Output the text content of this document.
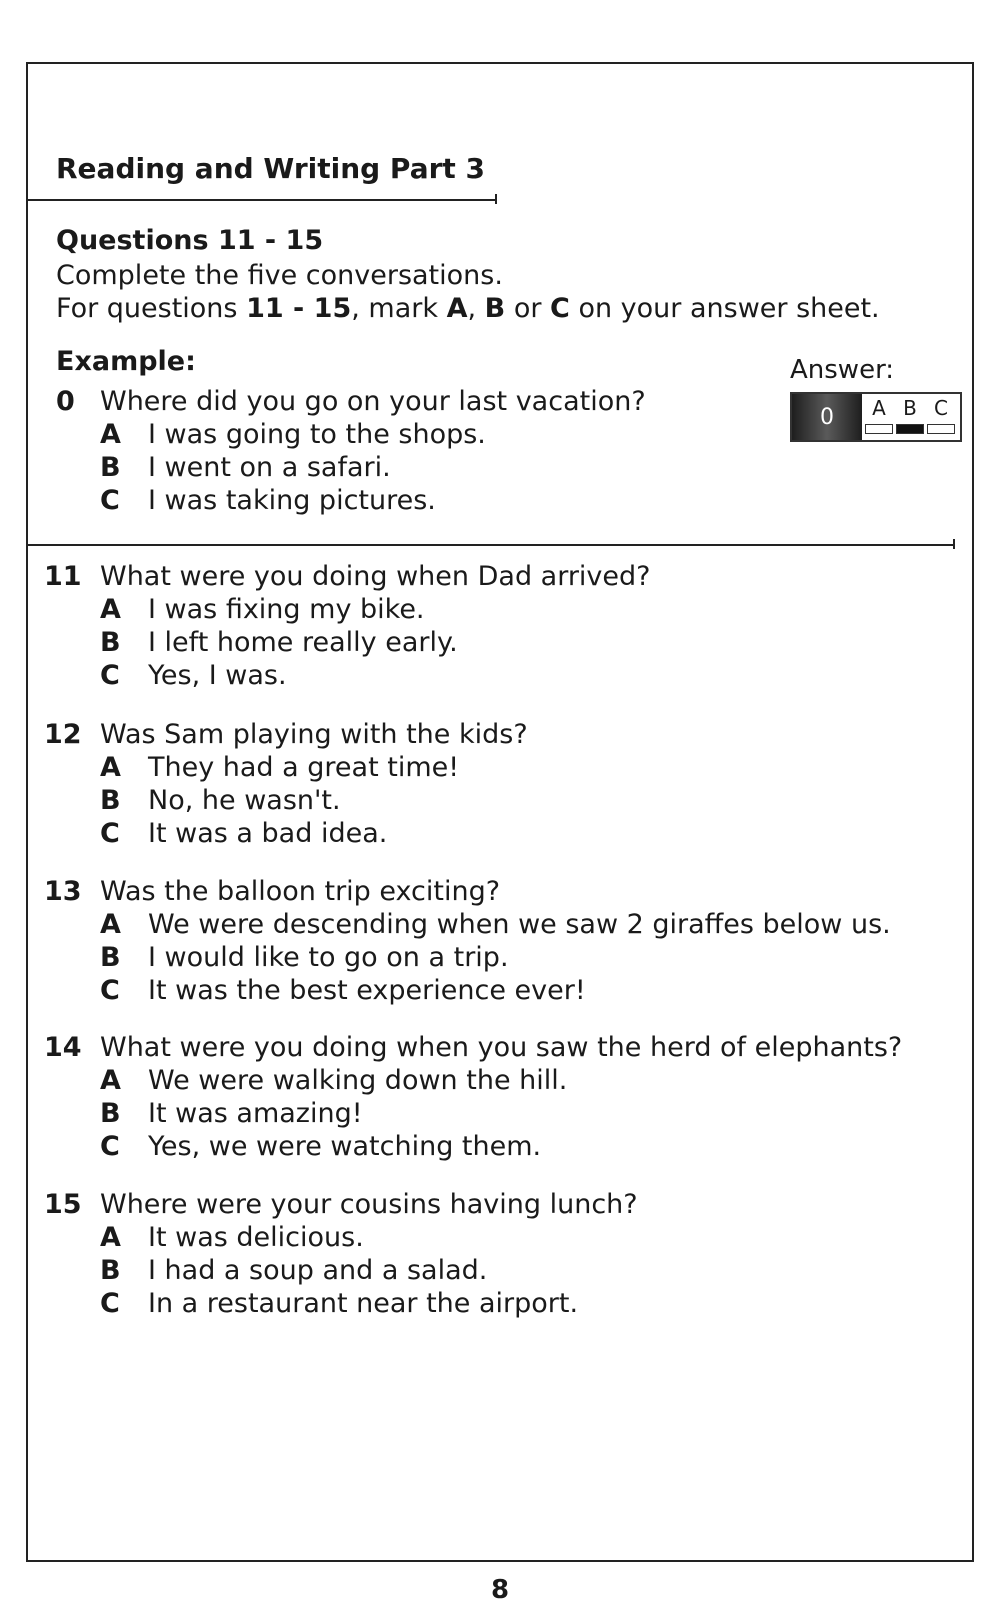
Reading and Writing Part 3
Questions 11 - 15
Complete the five conversations.
For questions 11 - 15, mark A, B or C on your answer sheet.
Example:
0 Where did you go on your last vacation?
A I was going to the shops.
B I went on a safari.
C I was taking pictures.
Answer:
0	A B C
11 What were you doing when Dad arrived?
A I was fixing my bike.
B I left home really early.
C Yes, I was.
12 Was Sam playing with the kids?
A They had a great time!
B No, he wasn't.
C It was a bad idea.
13 Was the balloon trip exciting?
A We were descending when we saw 2 giraffes below us.
B I would like to go on a trip.
C It was the best experience ever!
14 What were you doing when you saw the herd of elephants?
A We were walking down the hill.
B It was amazing!
C Yes, we were watching them.
15 Where were your cousins having lunch?
A It was delicious.
B I had a soup and a salad.
C In a restaurant near the airport.
8
